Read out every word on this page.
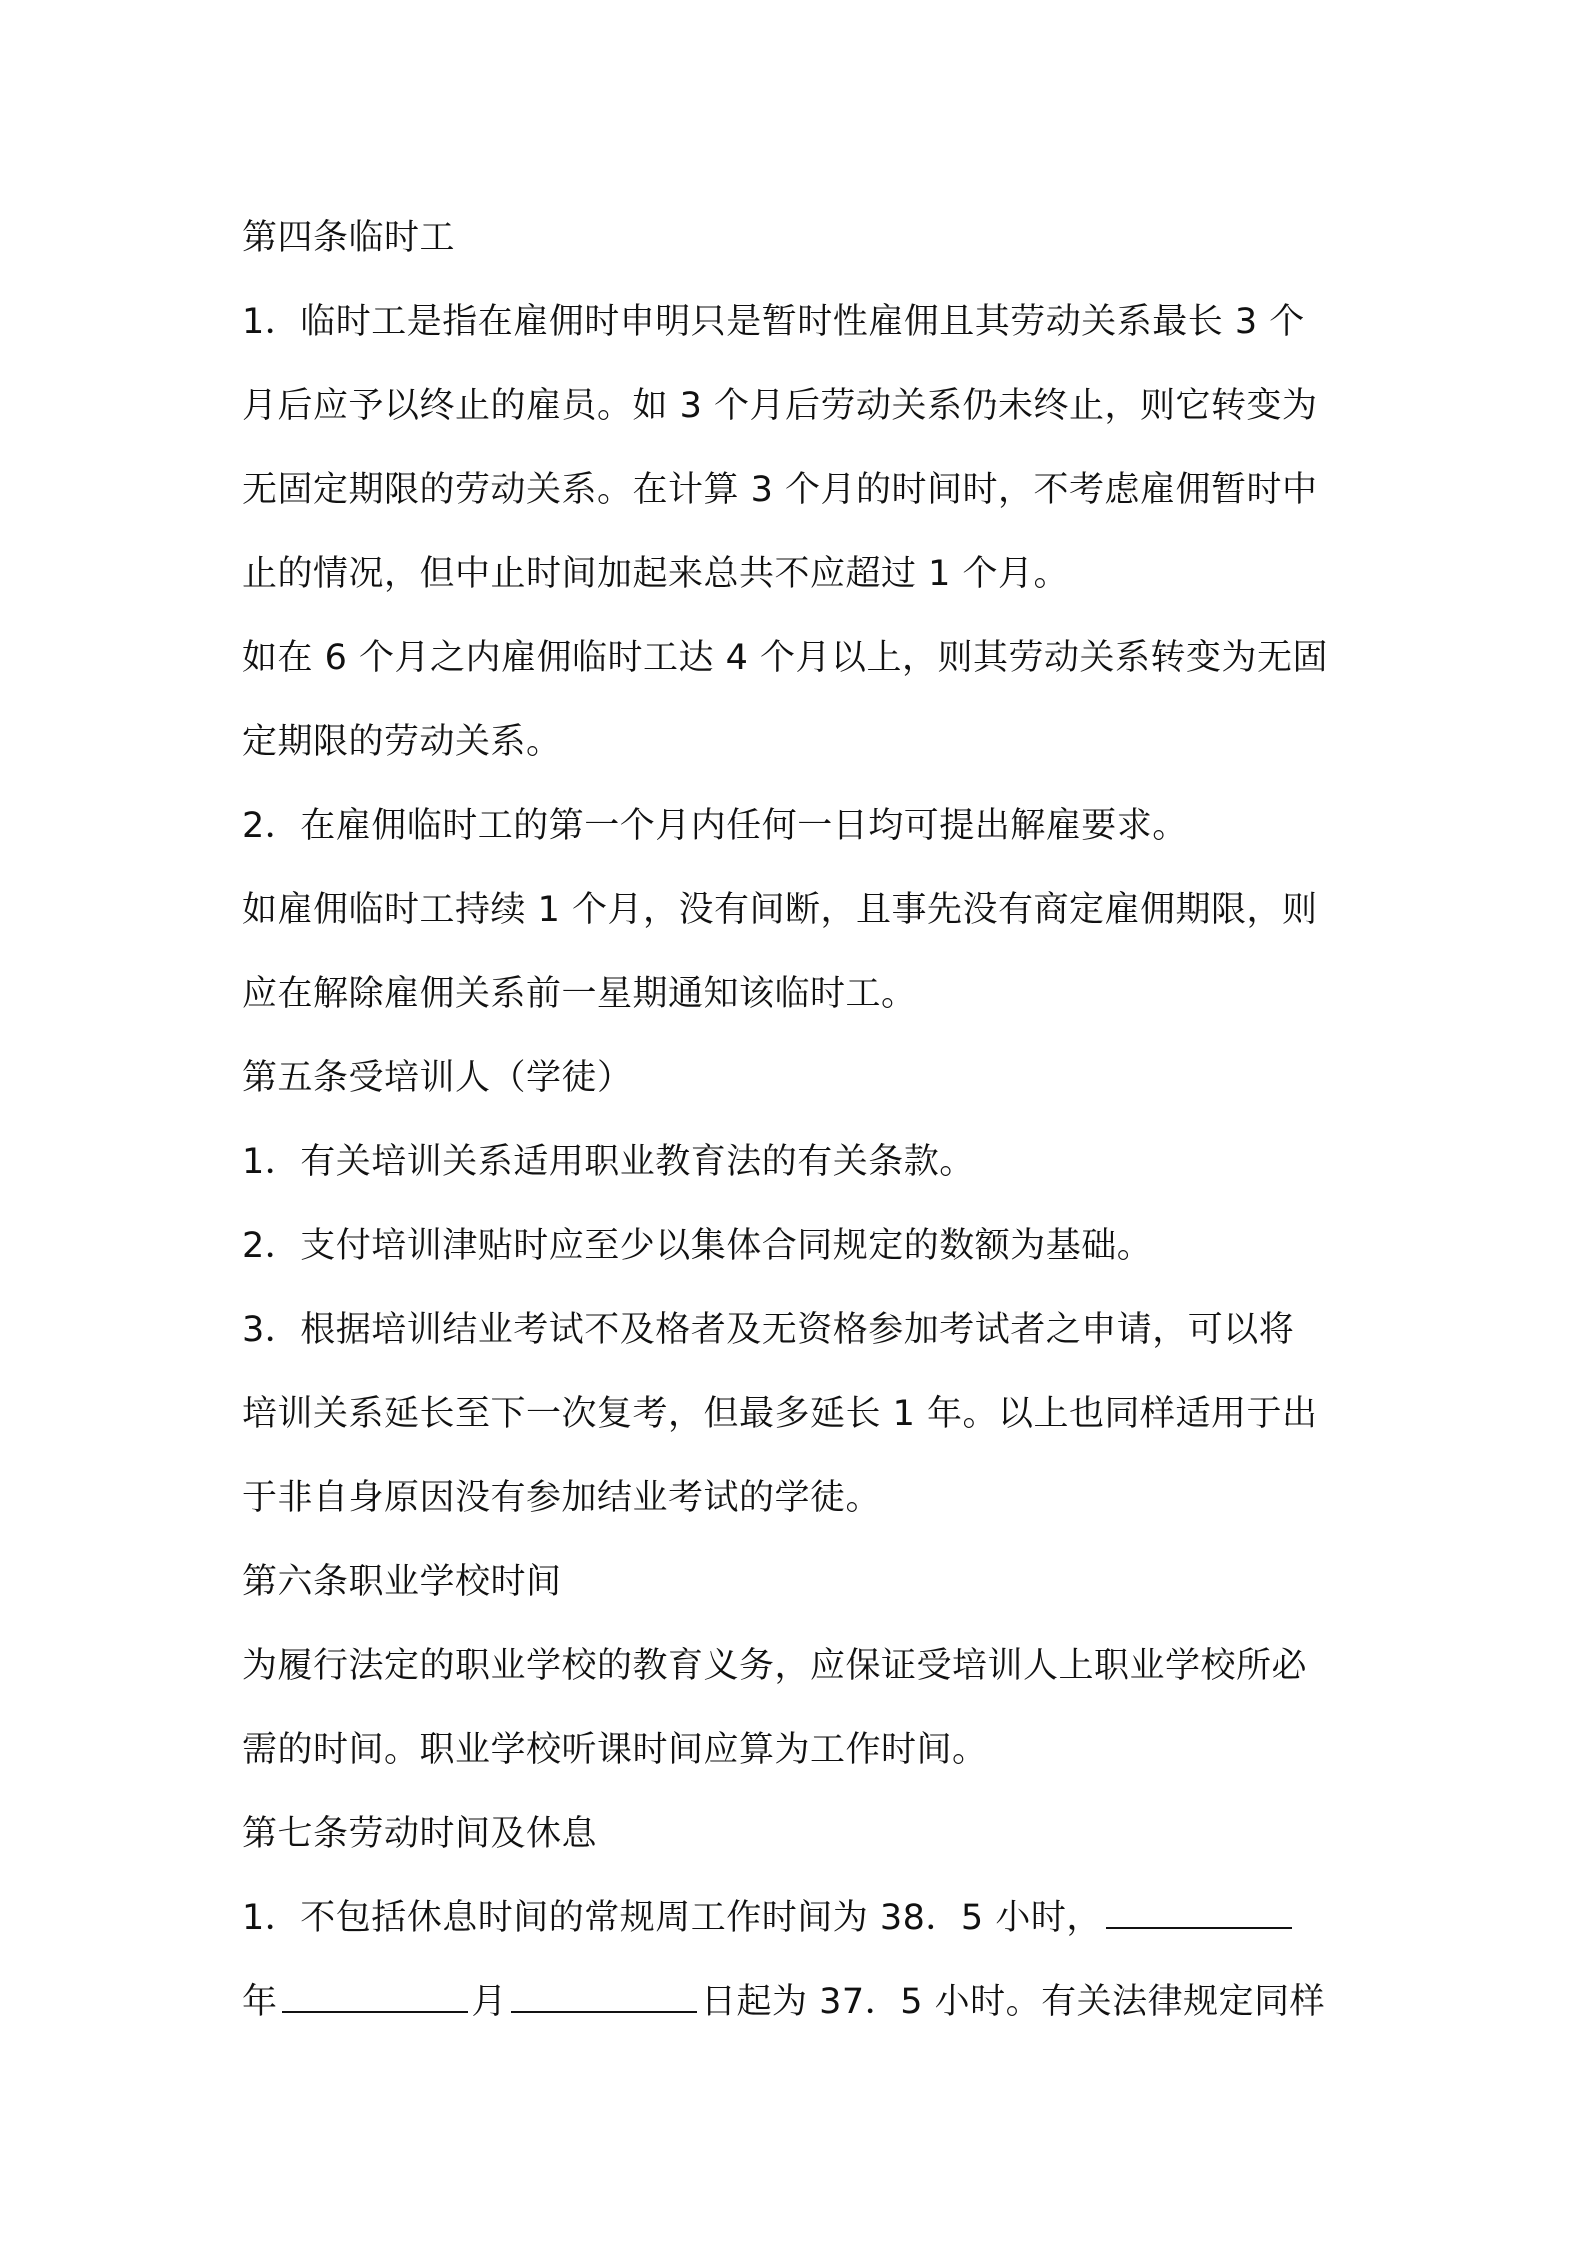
第四条临时工
1．临时工是指在雇佣时申明只是暂时性雇佣且其劳动关系最长 3 个
月后应予以终止的雇员。如 3 个月后劳动关系仍未终止，则它转变为
无固定期限的劳动关系。在计算 3 个月的时间时，不考虑雇佣暂时中
止的情况，但中止时间加起来总共不应超过 1 个月。
如在 6 个月之内雇佣临时工达 4 个月以上，则其劳动关系转变为无固
定期限的劳动关系。
2．在雇佣临时工的第一个月内任何一日均可提出解雇要求。
如雇佣临时工持续 1 个月，没有间断，且事先没有商定雇佣期限，则
应在解除雇佣关系前一星期通知该临时工。
第五条受培训人（学徒）
1．有关培训关系适用职业教育法的有关条款。
2．支付培训津贴时应至少以集体合同规定的数额为基础。
3．根据培训结业考试不及格者及无资格参加考试者之申请，可以将
培训关系延长至下一次复考，但最多延长 1 年。以上也同样适用于出
于非自身原因没有参加结业考试的学徒。
第六条职业学校时间
为履行法定的职业学校的教育义务，应保证受培训人上职业学校所必
需的时间。职业学校听课时间应算为工作时间。
第七条劳动时间及休息
1．不包括休息时间的常规周工作时间为 38．5 小时，
年	月	日起为 37．5 小时。有关法律规定同样
